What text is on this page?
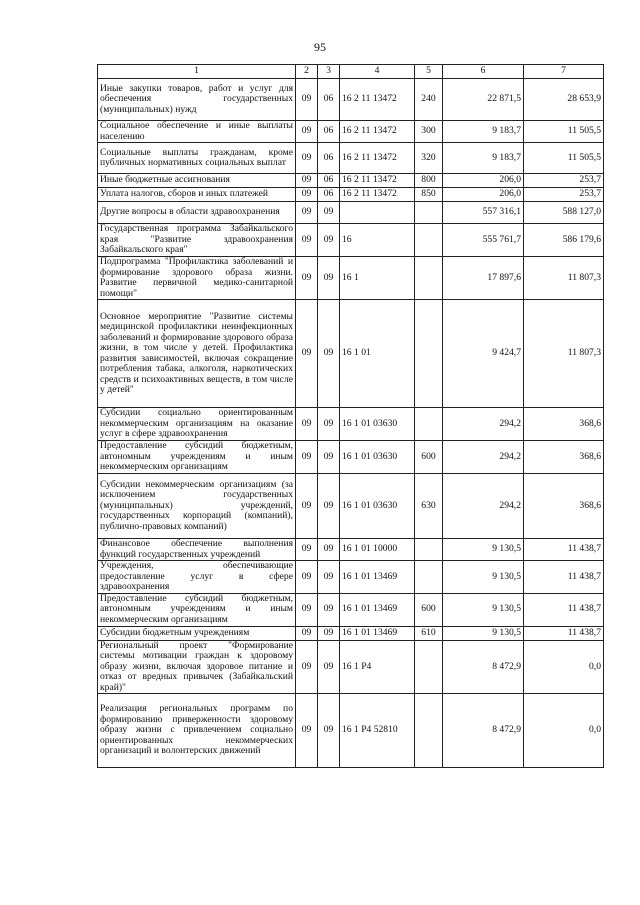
95
1	2	3	4	5	6	7
Иные закупки товаров, работ и услуг для обеспечения государственных (муниципальных) нужд	09	06	16 2 11 13472	240	22 871,5	28 653,9
Социальное обеспечение и иные выплаты населению	09	06	16 2 11 13472	300	9 183,7	11 505,5
Социальные выплаты гражданам, кроме публичных нормативных социальных выплат	09	06	16 2 11 13472	320	9 183,7	11 505,5
Иные бюджетные ассигнования	09	06	16 2 11 13472	800	206,0	253,7
Уплата налогов, сборов и иных платежей	09	06	16 2 11 13472	850	206,0	253,7
Другие вопросы в области здравоохранения	09	09			557 316,1	588 127,0
Государственная программа Забайкальского края "Развитие здравоохранения Забайкальского края"	09	09	16		555 761,7	586 179,6
Подпрограмма "Профилактика заболеваний и формирование здорового образа жизни. Развитие первичной медико-санитарной помощи"	09	09	16 1		17 897,6	11 807,3
Основное мероприятие "Развитие системы медицинской профилактики неинфекционных заболеваний и формирование здорового образа жизни, в том числе у детей. Профилактика развития зависимостей, включая сокращение потребления табака, алкоголя, наркотических средств и психоактивных веществ, в том числе у детей"	09	09	16 1 01		9 424,7	11 807,3
Субсидии социально ориентированным некоммерческим организациям на оказание услуг в сфере здравоохранения	09	09	16 1 01 03630		294,2	368,6
Предоставление субсидий бюджетным, автономным учреждениям и иным некоммерческим организациям	09	09	16 1 01 03630	600	294,2	368,6
Субсидии некоммерческим организациям (за исключением государственных (муниципальных) учреждений, государственных корпораций (компаний), публично-правовых компаний)	09	09	16 1 01 03630	630	294,2	368,6
Финансовое обеспечение выполнения функций государственных учреждений	09	09	16 1 01 10000		9 130,5	11 438,7
Учреждения, обеспечивающие предоставление услуг в сфере здравоохранения	09	09	16 1 01 13469		9 130,5	11 438,7
Предоставление субсидий бюджетным, автономным учреждениям и иным некоммерческим организациям	09	09	16 1 01 13469	600	9 130,5	11 438,7
Субсидии бюджетным учреждениям	09	09	16 1 01 13469	610	9 130,5	11 438,7
Региональный проект "Формирование системы мотивации граждан к здоровому образу жизни, включая здоровое питание и отказ от вредных привычек (Забайкальский край)"	09	09	16 1 P4		8 472,9	0,0
Реализация региональных программ по формированию приверженности здоровому образу жизни с привлечением социально ориентированных некоммерческих организаций и волонтерских движений	09	09	16 1 P4 52810		8 472,9	0,0
